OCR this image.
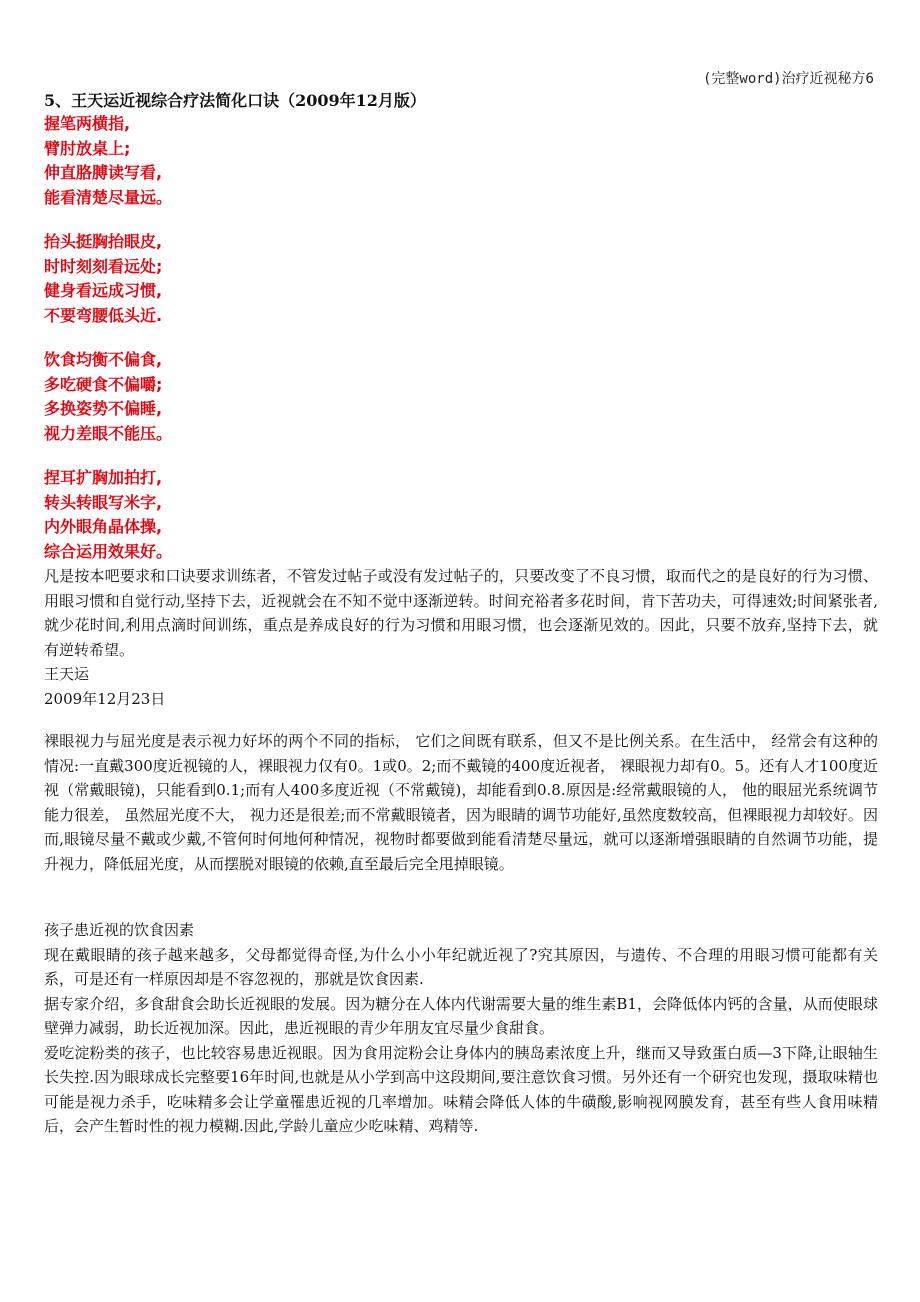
(完整word)治疗近视秘方6
5、王天运近视综合疗法简化口诀（2009年12月版）
握笔两横指,
臂肘放桌上;
伸直胳膊读写看,
能看清楚尽量远。
抬头挺胸抬眼皮,
时时刻刻看远处;
健身看远成习惯,
不要弯腰低头近.
饮食均衡不偏食,
多吃硬食不偏嚼;
多换姿势不偏睡,
视力差眼不能压。
捏耳扩胸加拍打,
转头转眼写米字,
内外眼角晶体操,
综合运用效果好。

凡是按本吧要求和口诀要求训练者，不管发过帖子或没有发过帖子的，只要改变了不良习惯，取而代之的是良好的行为习惯、用眼习惯和自觉行动,坚持下去，近视就会在不知不觉中逐渐逆转。时间充裕者多花时间，肯下苦功夫，可得速效;时间紧张者,就少花时间,利用点滴时间训练，重点是养成良好的行为习惯和用眼习惯，也会逐渐见效的。因此，只要不放弃,坚持下去，就有逆转希望。

王天运

2009年12月23日

裸眼视力与屈光度是表示视力好坏的两个不同的指标， 它们之间既有联系，但又不是比例关系。在生活中， 经常会有这种的情况:一直戴300度近视镜的人，裸眼视力仅有0。1或0。2;而不戴镜的400度近视者， 裸眼视力却有0。5。还有人才100度近视（常戴眼镜)，只能看到0.1;而有人400多度近视（不常戴镜)，却能看到0.8.原因是:经常戴眼镜的人， 他的眼屈光系统调节能力很差， 虽然屈光度不大， 视力还是很差;而不常戴眼镜者，因为眼睛的调节功能好,虽然度数较高，但裸眼视力却较好。因而,眼镜尽量不戴或少戴,不管何时何地何种情况，视物时都要做到能看清楚尽量远，就可以逐渐增强眼睛的自然调节功能，提升视力，降低屈光度，从而摆脱对眼镜的依赖,直至最后完全甩掉眼镜。

孩子患近视的饮食因素

现在戴眼睛的孩子越来越多，父母都觉得奇怪,为什么小小年纪就近视了?究其原因，与遗传、不合理的用眼习惯可能都有关系，可是还有一样原因却是不容忽视的，那就是饮食因素.

据专家介绍，多食甜食会助长近视眼的发展。因为糖分在人体内代谢需要大量的维生素B1，会降低体内钙的含量，从而使眼球壁弹力减弱，助长近视加深。因此，患近视眼的青少年朋友宜尽量少食甜食。

爱吃淀粉类的孩子，也比较容易患近视眼。因为食用淀粉会让身体内的胰岛素浓度上升，继而又导致蛋白质—3下降,让眼轴生长失控.因为眼球成长完整要16年时间,也就是从小学到高中这段期间,要注意饮食习惯。另外还有一个研究也发现，摄取味精也可能是视力杀手，吃味精多会让学童罹患近视的几率增加。味精会降低人体的牛磺酸,影响视网膜发育，甚至有些人食用味精后，会产生暂时性的视力模糊.因此,学龄儿童应少吃味精、鸡精等.
